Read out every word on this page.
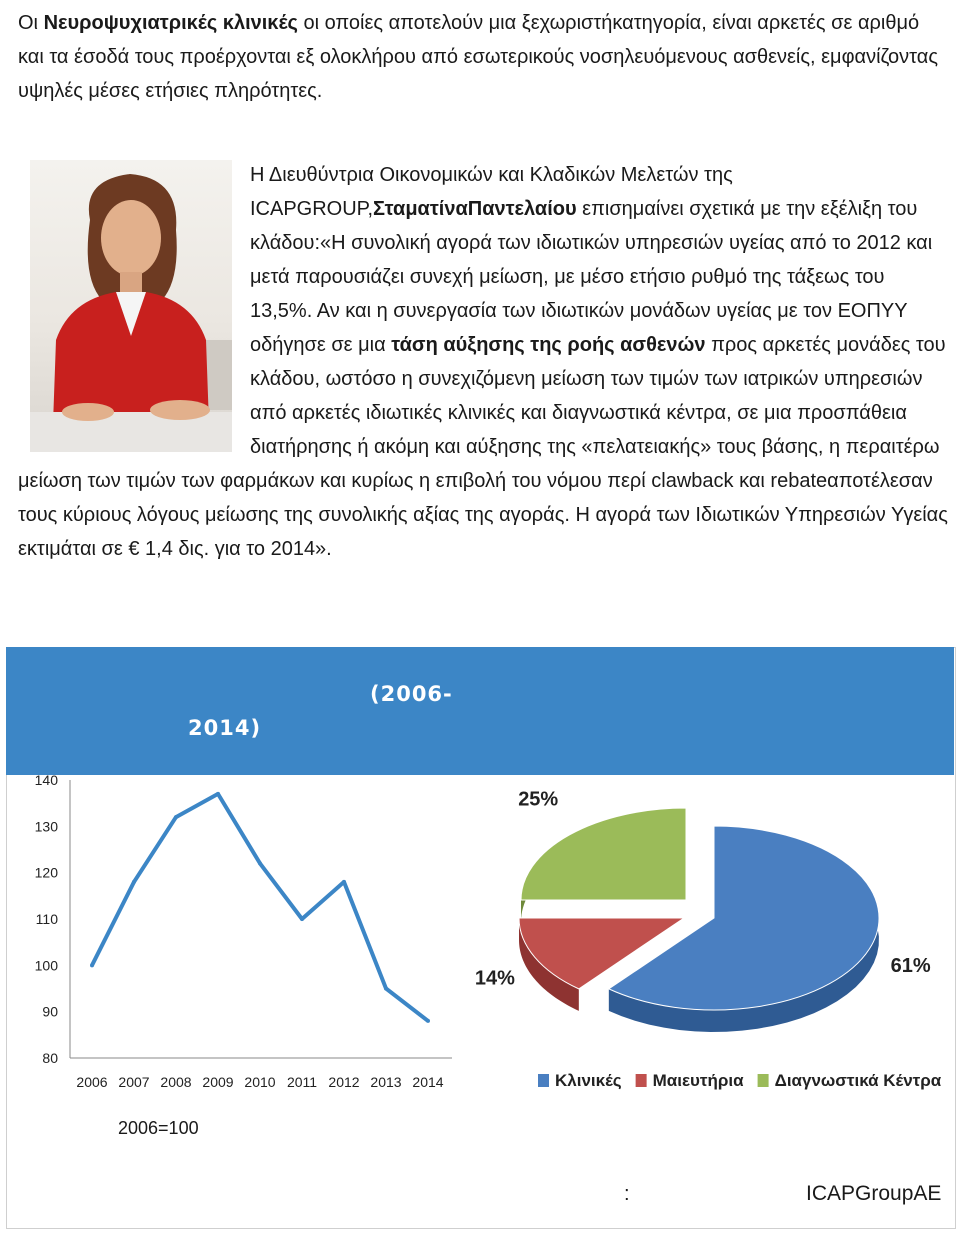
Οι Νευροψυχιατρικές κλινικές οι οποίες αποτελούν μια ξεχωριστήκατηγορία, είναι αρκετές σε αριθμό και τα έσοδά τους προέρχονται εξ ολοκλήρου από εσωτερικούς νοσηλευόμενους ασθενείς, εμφανίζοντας υψηλές μέσες ετήσιες πληρότητες.
Η Διευθύντρια Οικονομικών και Κλαδικών Μελετών της ICAPGROUP,ΣταματίναΠαντελαίου επισημαίνει σχετικά με την εξέλιξη του κλάδου:«Η συνολική αγορά των ιδιωτικών υπηρεσιών υγείας από το 2012 και μετά παρουσιάζει συνεχή μείωση, με μέσο ετήσιο ρυθμό της τάξεως του 13,5%. Αν και η συνεργασία των ιδιωτικών μονάδων υγείας με τον ΕΟΠΥΥ οδήγησε σε μια τάση αύξησης της ροής ασθενών προς αρκετές μονάδες του κλάδου, ωστόσο η συνεχιζόμενη μείωση των τιμών των ιατρικών υπηρεσιών από αρκετές ιδιωτικές κλινικές και διαγνωστικά κέντρα, σε μια προσπάθεια διατήρησης ή ακόμη και αύξησης της «πελατειακής» τους βάσης, η περαιτέρω μείωση των τιμών των φαρμάκων και κυρίως η επιβολή του νόμου περί clawback και rebateαποτέλεσαν τους κύριους λόγους μείωσης της συνολικής αξίας της αγοράς. Η αγορά των Ιδιωτικών Υπηρεσιών Υγείας εκτιμάται σε € 1,4 δις. για το 2014».
(2006-
2014)
140
130
120
110
100
90
80
2006 2007 2008 2009 2010 2011 2012 2013 2014
61%
14%
25%
Κλινικές Μαιευτήρια Διαγνωστικά Κέντρα
2006=100
:	ICAPGroupAE
